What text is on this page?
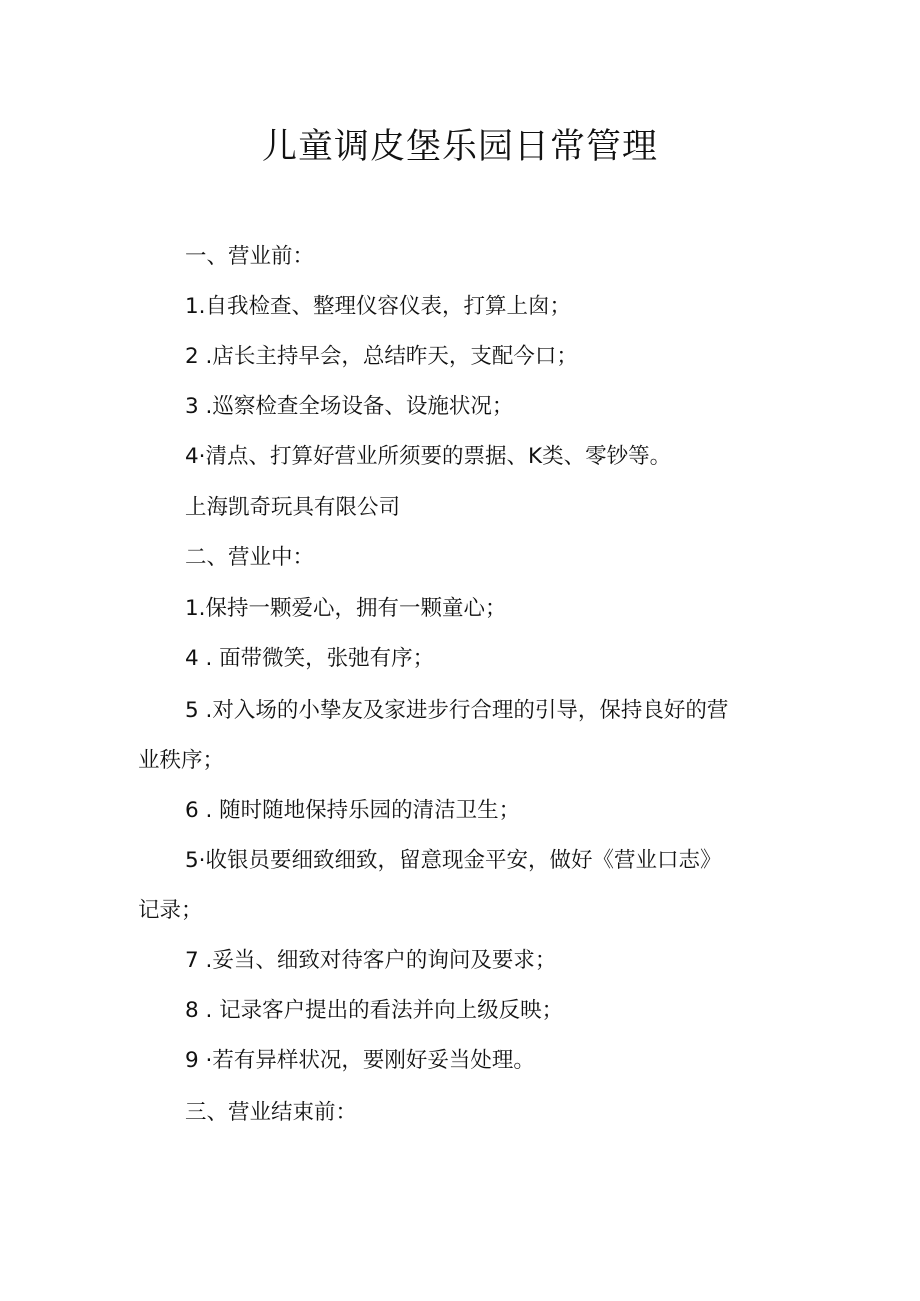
儿童调皮堡乐园日常管理
一、营业前：
1.自我检查、整理仪容仪表，打算上囱；
2 .店长主持早会，总结昨天，支配今口；
3 .巡察检查全场设备、设施状况；
4·清点、打算好营业所须要的票据、K类、零钞等。
上海凯奇玩具有限公司
二、营业中：
1.保持一颗爱心，拥有一颗童心；
4 . 面带微笑，张弛有序；
5 .对入场的小挚友及家进步行合理的引导，保持良好的营
业秩序；
6 . 随时随地保持乐园的清洁卫生；
5·收银员要细致细致，留意现金平安，做好《营业口志》
记录；
7 .妥当、细致对待客户的询问及要求；
8 . 记录客户提出的看法并向上级反映；
9 ·若有异样状况，要刚好妥当处理。
三、营业结束前：
